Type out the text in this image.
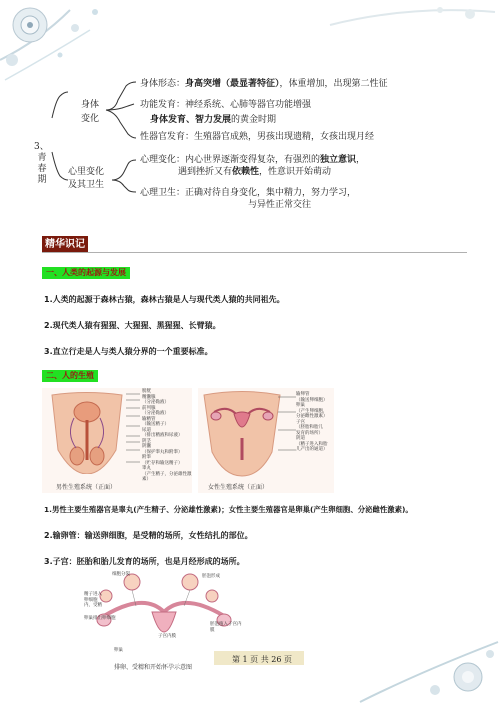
3、
青
春
期
身体变化
心里变化
及其卫生
身体形态：身高突增（最显著特征），体重增加，出现第二性征
功能发育：神经系统、心肺等器官功能增强
身体发育、智力发展的黄金时期
性器官发育：生殖器官成熟，男孩出现遗精，女孩出现月经
心理变化：内心世界逐渐变得复杂，有强烈的独立意识，
遇到挫折又有依赖性，性意识开始萌动
心理卫生：正确对待自身变化，集中精力，努力学习，
与异性正常交往
精华识记
一、人类的起源与发展
1.人类的起源于森林古猿，森林古猿是人与现代类人猿的共同祖先。
2.现代类人猿有猩猩、大猩猩、黑猩猩、长臂猿。
3.直立行走是人与类人猿分界的一个重要标准。
二、人的生殖
膀胱
精囊腺
（分泌黏液）
前列腺
（分泌黏液）
输精管
（输送精子）
尿道
（排出精液和尿液）
阴茎
阴囊
（保护睾丸和附睾）
附睾
（贮存和输送精子）
睾丸
（产生精子，分泌雄性激素）
男性生殖系统（正面）
输卵管
（输送卵细胞）
卵巢
（产生卵细胞，
分泌雌性激素）
子宫
（胚胎和胎儿
发育的场所）
阴道
（精子进入和胎
儿产出的通道）
女性生殖系统（正面）
1.男性主要生殖器官是睾丸(产生精子、分泌雄性激素)；女性主要生殖器官是卵巢(产生卵细胞、分泌雌性激素)。
2.输卵管：输送卵细胞，是受精的场所，女性结扎的部位。
3.子宫：胚胎和胎儿发育的场所，也是月经形成的场所。
细胞分裂	胚泡形成
精子进入卵细胞内，受精
卵巢排出卵细胞
子宫内膜
胚泡植入子宫内膜
卵巢
排卵、受精和开始怀孕示意图
第 1 页 共 26 页
